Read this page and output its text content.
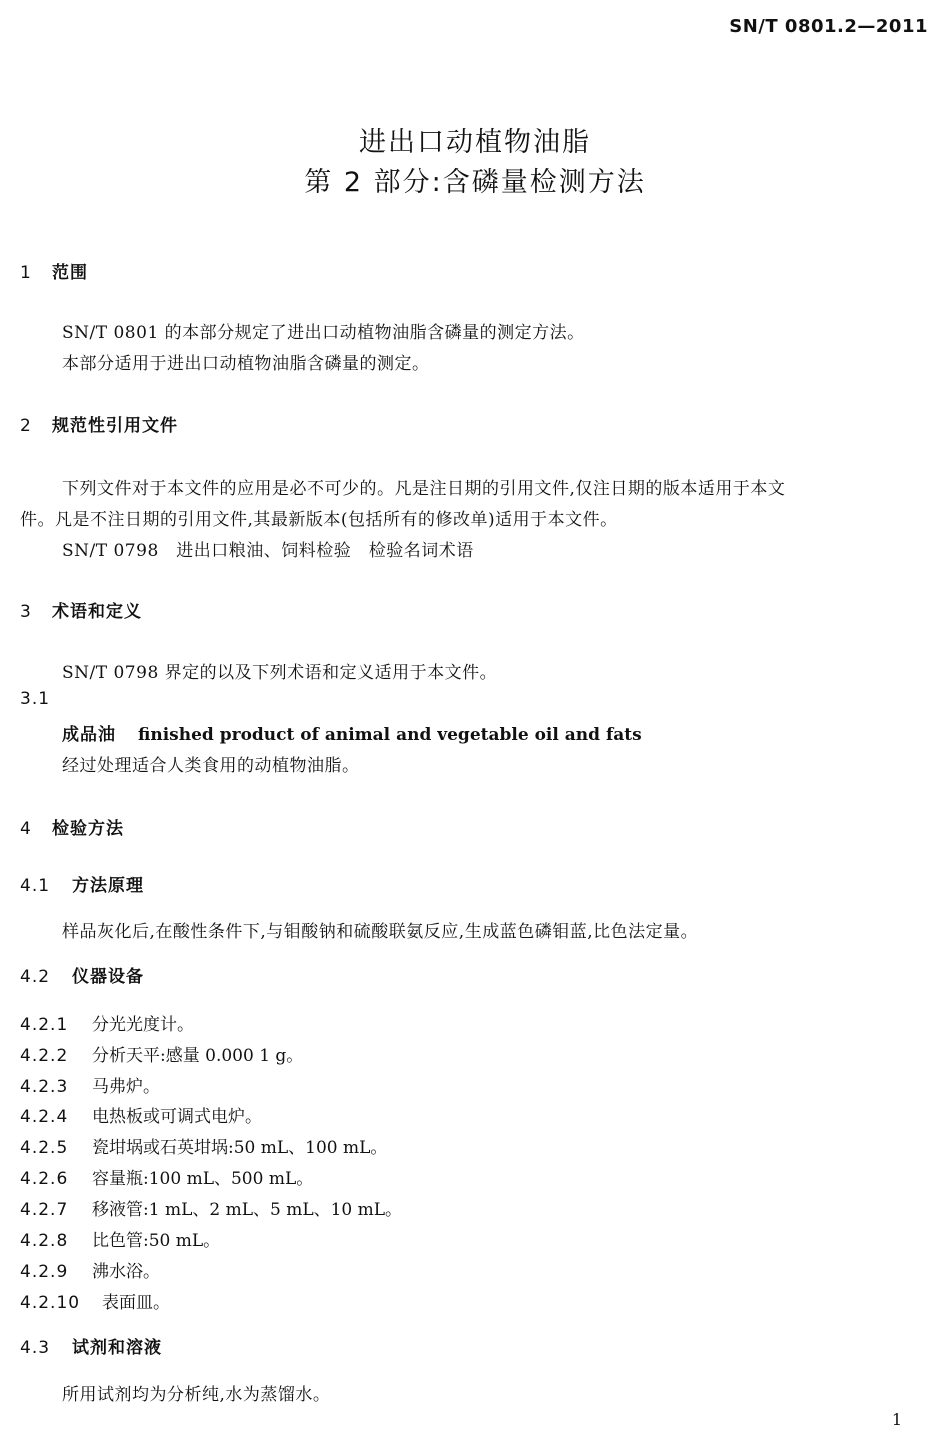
SN/T 0801.2—2011
进出口动植物油脂
第 2 部分:含磷量检测方法
1 范围
SN/T 0801 的本部分规定了进出口动植物油脂含磷量的测定方法。
本部分适用于进出口动植物油脂含磷量的测定。
2 规范性引用文件
下列文件对于本文件的应用是必不可少的。凡是注日期的引用文件,仅注日期的版本适用于本文
件。凡是不注日期的引用文件,其最新版本(包括所有的修改单)适用于本文件。
SN/T 0798　进出口粮油、饲料检验　检验名词术语
3 术语和定义
SN/T 0798 界定的以及下列术语和定义适用于本文件。
3.1
成品油 finished product of animal and vegetable oil and fats
经过处理适合人类食用的动植物油脂。
4 检验方法
4.1 方法原理
样品灰化后,在酸性条件下,与钼酸钠和硫酸联氨反应,生成蓝色磷钼蓝,比色法定量。
4.2 仪器设备
4.2.1 分光光度计。
4.2.2 分析天平:感量 0.000 1 g。
4.2.3 马弗炉。
4.2.4 电热板或可调式电炉。
4.2.5 瓷坩埚或石英坩埚:50 mL、100 mL。
4.2.6 容量瓶:100 mL、500 mL。
4.2.7 移液管:1 mL、2 mL、5 mL、10 mL。
4.2.8 比色管:50 mL。
4.2.9 沸水浴。
4.2.10 表面皿。
4.3 试剂和溶液
所用试剂均为分析纯,水为蒸馏水。
1
